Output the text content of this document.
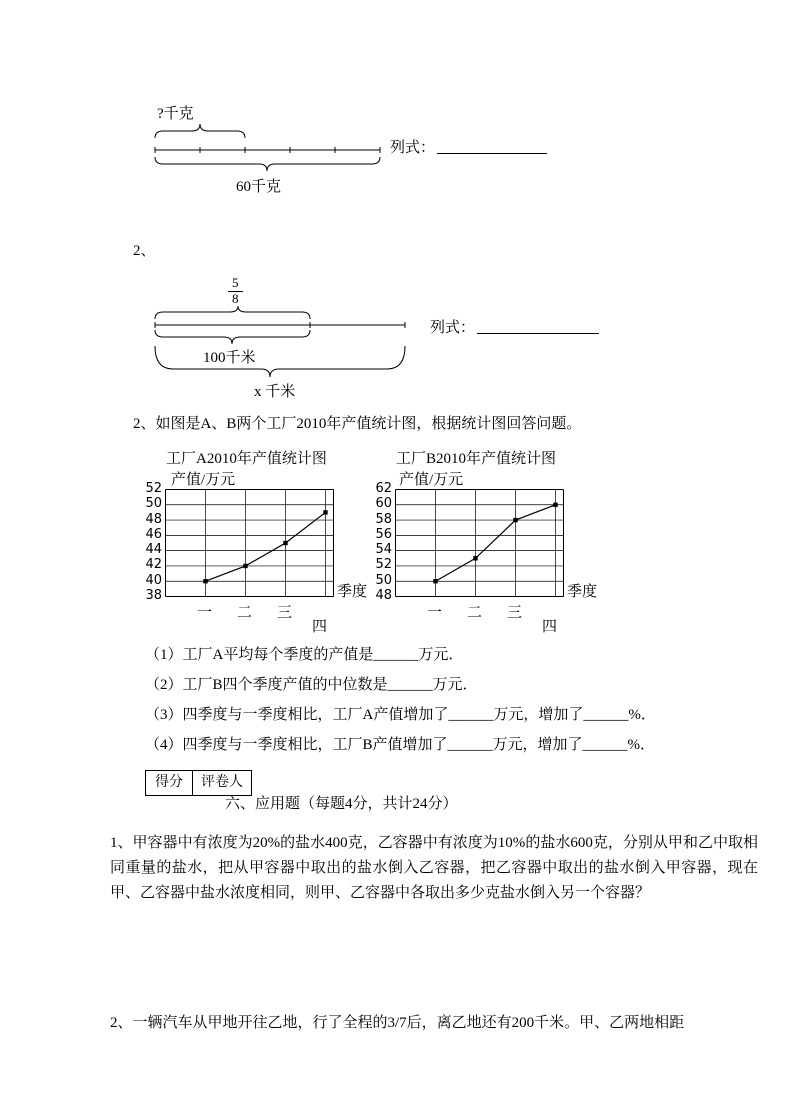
?千克
60千克
列式：
2、
$\frac{5}{8}$
100千米
x 千米
列式：
2、如图是A、B两个工厂2010年产值统计图，根据统计图回答问题。
工厂A2010年产值统计图
产值/万元
季度
工厂B2010年产值统计图
产值/万元
季度
（1）工厂A平均每个季度的产值是______万元．
（2）工厂B四个季度产值的中位数是______万元．
（3）四季度与一季度相比，工厂A产值增加了______万元，增加了______%．
（4）四季度与一季度相比，工厂B产值增加了______万元，增加了______%．
得分	评卷人
六、应用题（每题4分，共计24分）
1、甲容器中有浓度为20%的盐水400克，乙容器中有浓度为10%的盐水600克，分别从甲和乙中取相同重量的盐水，把从甲容器中取出的盐水倒入乙容器，把乙容器中取出的盐水倒入甲容器，现在甲、乙容器中盐水浓度相同，则甲、乙容器中各取出多少克盐水倒入另一个容器？
2、一辆汽车从甲地开往乙地，行了全程的3/7后，离乙地还有200千米。甲、乙两地相距
38
40
42
44
46
48
50
52
一 二 三
四
48
50
52
54
56
58
60
62
一 二 三
四
